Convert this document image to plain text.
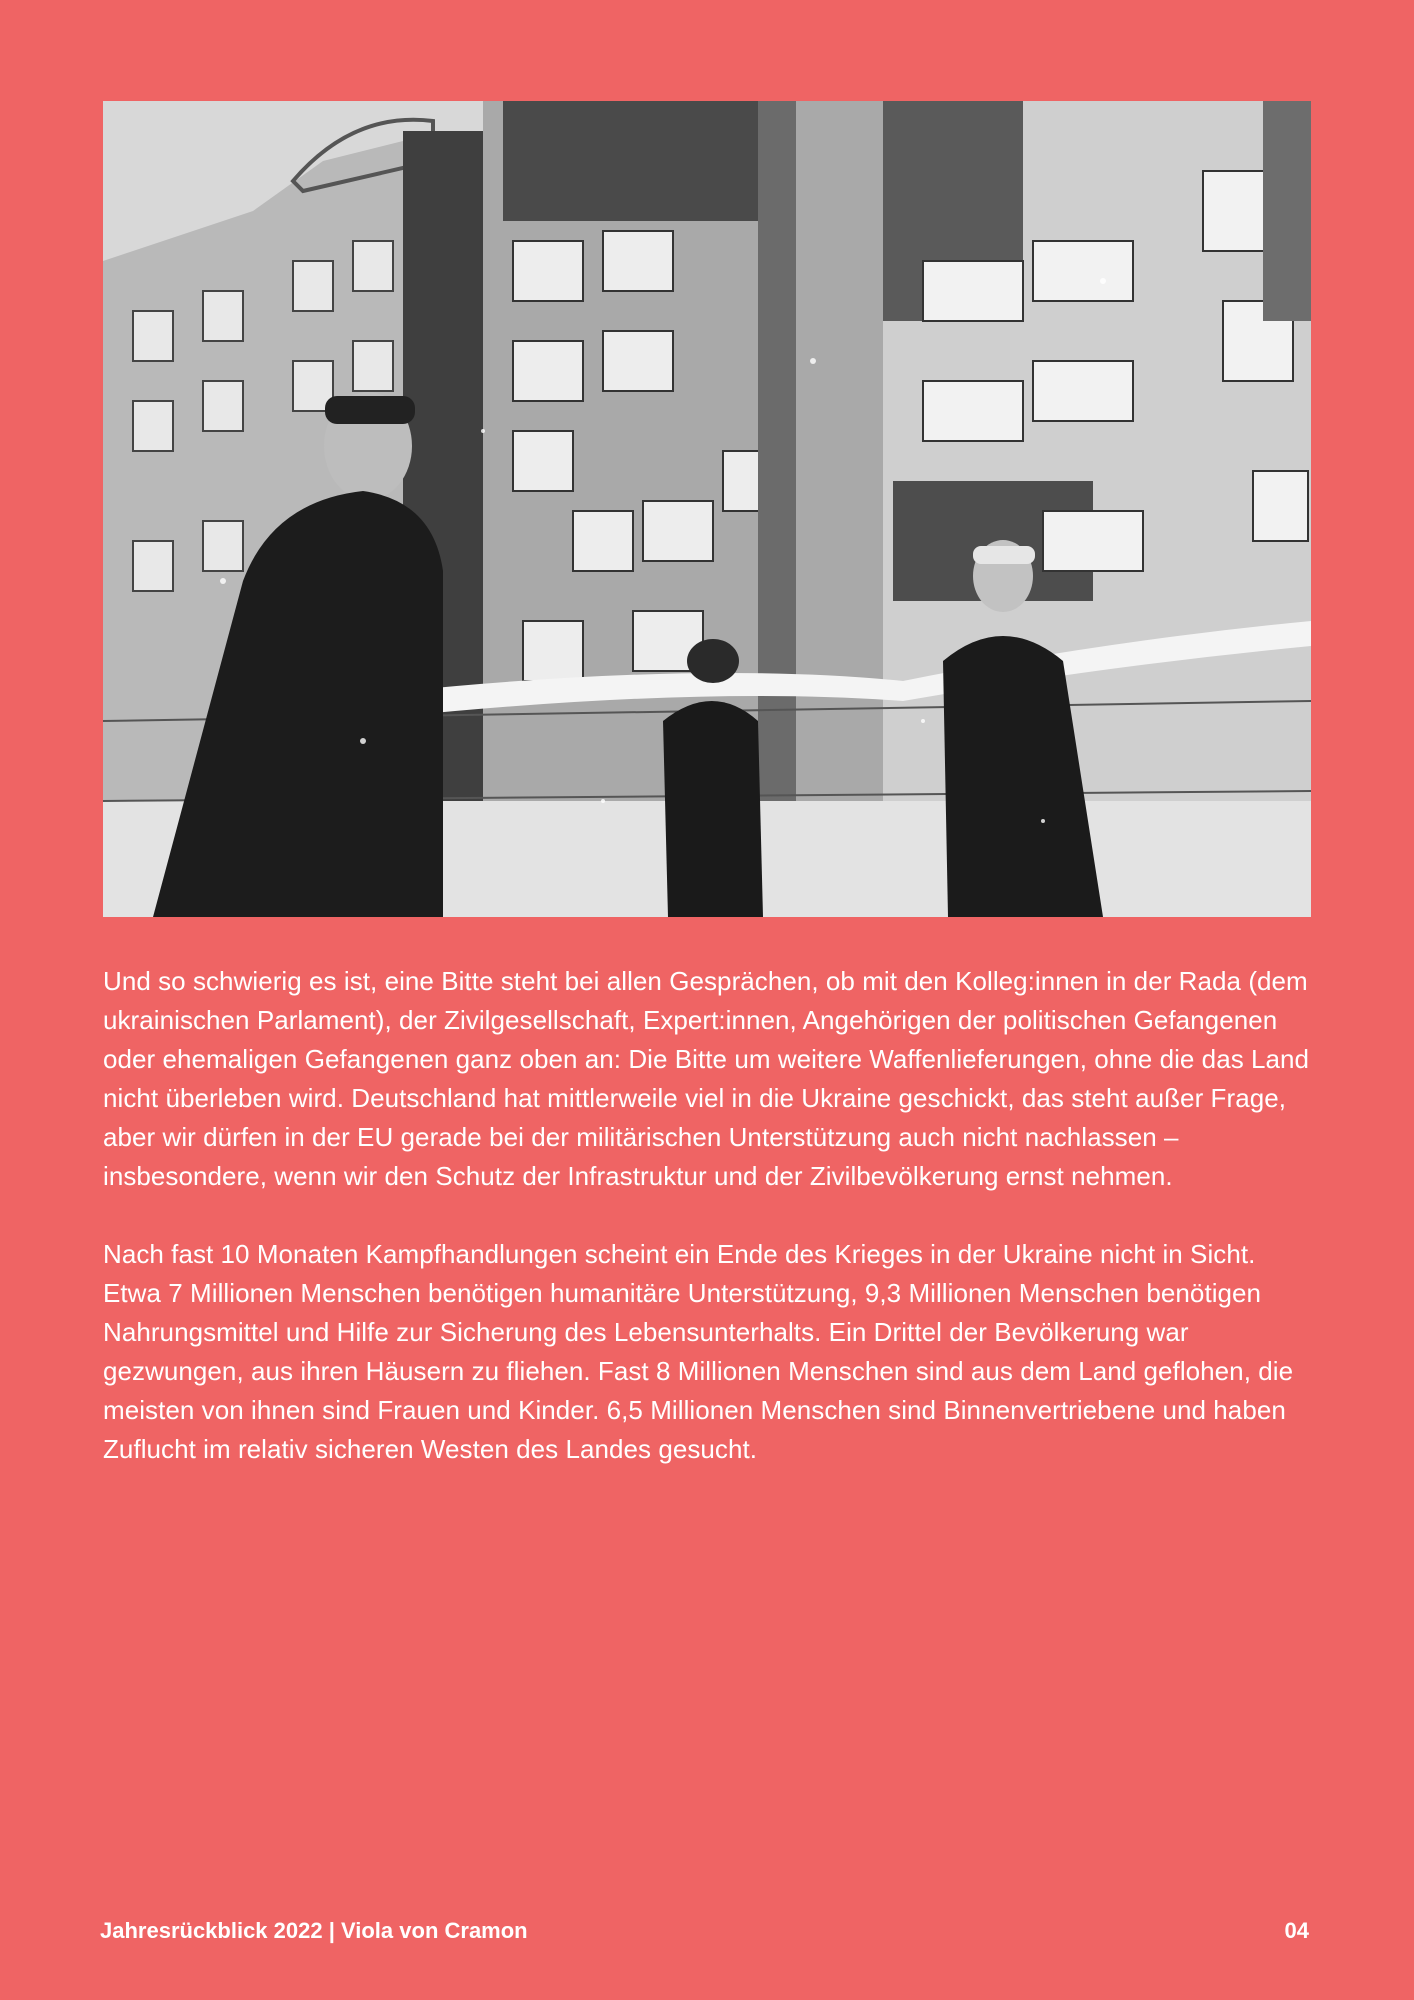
Und so schwierig es ist, eine Bitte steht bei allen Gesprächen, ob mit den Kolleg:innen in der Rada (dem ukrainischen Parlament), der Zivilgesellschaft, Expert:innen, Angehörigen der politischen Gefangenen oder ehemaligen Gefangenen ganz oben an: Die Bitte um weitere Waffenlieferungen, ohne die das Land nicht überleben wird. Deutschland hat mittlerweile viel in die Ukraine geschickt, das steht außer Frage, aber wir dürfen in der EU gerade bei der militärischen Unterstützung auch nicht nachlassen – insbesondere, wenn wir den Schutz der Infrastruktur und der Zivilbevölkerung ernst nehmen.

Nach fast 10 Monaten Kampfhandlungen scheint ein Ende des Krieges in der Ukraine nicht in Sicht. Etwa 7 Millionen Menschen benötigen humanitäre Unterstützung, 9,3 Millionen Menschen benötigen Nahrungsmittel und Hilfe zur Sicherung des Lebensunterhalts. Ein Drittel der Bevölkerung war gezwungen, aus ihren Häusern zu fliehen. Fast 8 Millionen Menschen sind aus dem Land geflohen, die meisten von ihnen sind Frauen und Kinder. 6,5 Millionen Menschen sind Binnenvertriebene und haben Zuflucht im relativ sicheren Westen des Landes gesucht.

Jahresrückblick 2022 | Viola von Cramon	04
